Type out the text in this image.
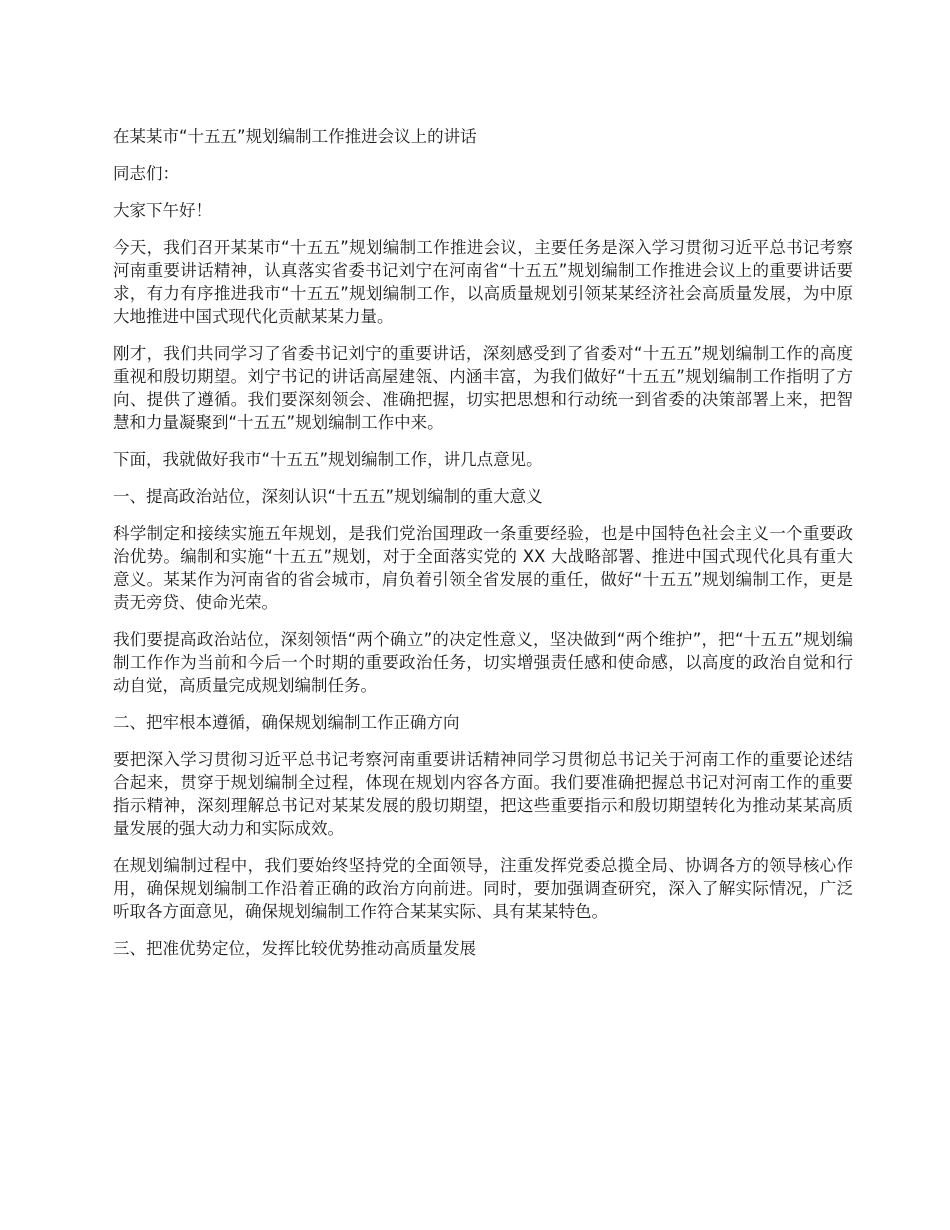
在某某市“十五五”规划编制工作推进会议上的讲话

同志们：

大家下午好！

今天，我们召开某某市“十五五”规划编制工作推进会议，主要任务是深入学习贯彻习近平总书记考察河南重要讲话精神，认真落实省委书记刘宁在河南省“十五五”规划编制工作推进会议上的重要讲话要求，有力有序推进我市“十五五”规划编制工作，以高质量规划引领某某经济社会高质量发展，为中原大地推进中国式现代化贡献某某力量。

刚才，我们共同学习了省委书记刘宁的重要讲话，深刻感受到了省委对“十五五”规划编制工作的高度重视和殷切期望。刘宁书记的讲话高屋建瓴、内涵丰富，为我们做好“十五五”规划编制工作指明了方向、提供了遵循。我们要深刻领会、准确把握，切实把思想和行动统一到省委的决策部署上来，把智慧和力量凝聚到“十五五”规划编制工作中来。

下面，我就做好我市“十五五”规划编制工作，讲几点意见。

一、提高政治站位，深刻认识“十五五”规划编制的重大意义

科学制定和接续实施五年规划，是我们党治国理政一条重要经验，也是中国特色社会主义一个重要政治优势。编制和实施“十五五”规划，对于全面落实党的 XX 大战略部署、推进中国式现代化具有重大意义。某某作为河南省的省会城市，肩负着引领全省发展的重任，做好“十五五”规划编制工作，更是责无旁贷、使命光荣。

我们要提高政治站位，深刻领悟“两个确立”的决定性意义，坚决做到“两个维护”，把“十五五”规划编制工作作为当前和今后一个时期的重要政治任务，切实增强责任感和使命感，以高度的政治自觉和行动自觉，高质量完成规划编制任务。

二、把牢根本遵循，确保规划编制工作正确方向

要把深入学习贯彻习近平总书记考察河南重要讲话精神同学习贯彻总书记关于河南工作的重要论述结合起来，贯穿于规划编制全过程，体现在规划内容各方面。我们要准确把握总书记对河南工作的重要指示精神，深刻理解总书记对某某发展的殷切期望，把这些重要指示和殷切期望转化为推动某某高质量发展的强大动力和实际成效。

在规划编制过程中，我们要始终坚持党的全面领导，注重发挥党委总揽全局、协调各方的领导核心作用，确保规划编制工作沿着正确的政治方向前进。同时，要加强调查研究，深入了解实际情况，广泛听取各方面意见，确保规划编制工作符合某某实际、具有某某特色。

三、把准优势定位，发挥比较优势推动高质量发展
